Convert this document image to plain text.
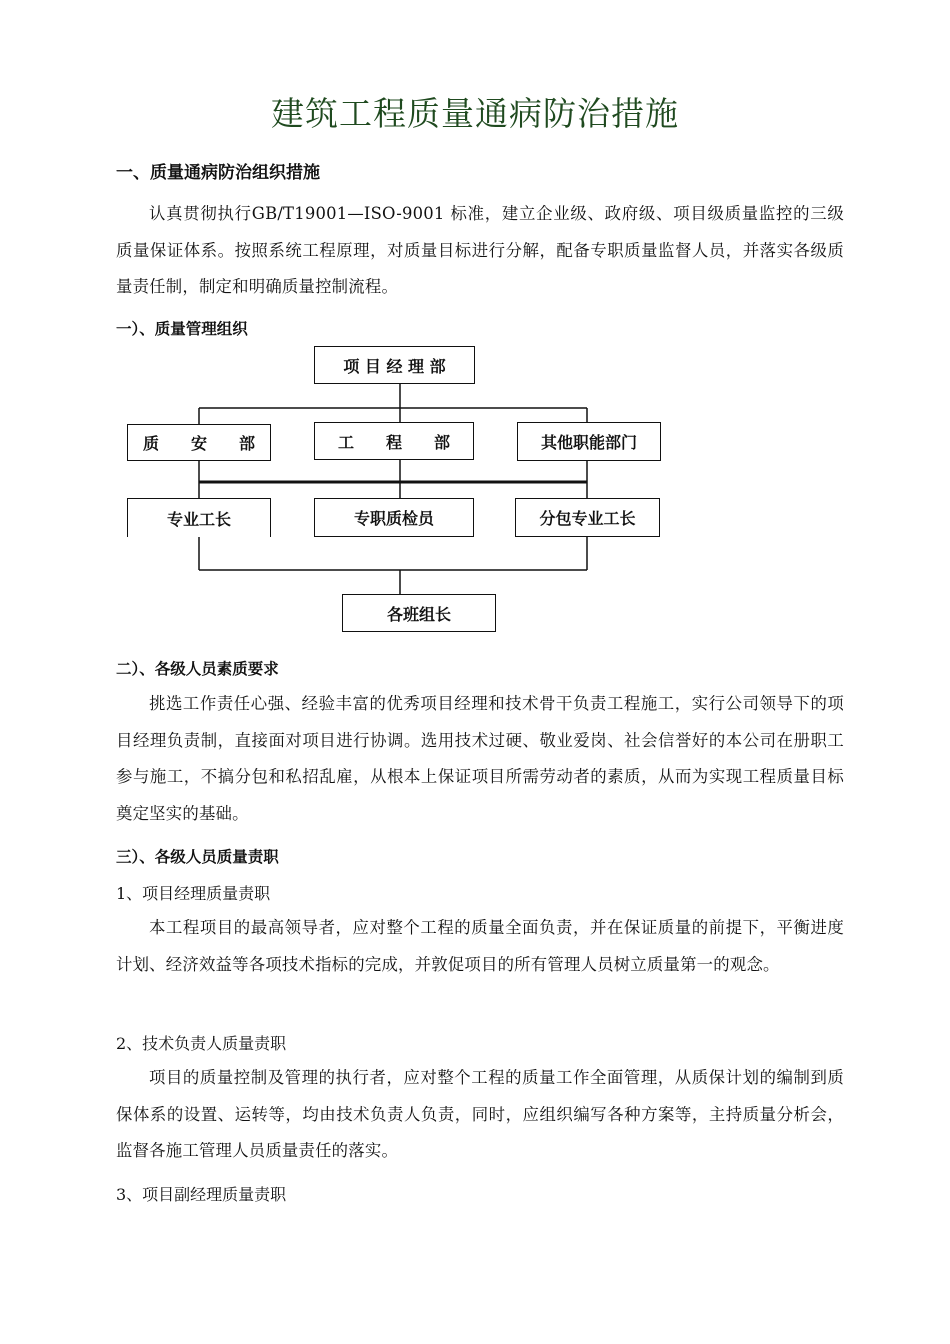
建筑工程质量通病防治措施
一、质量通病防治组织措施
认真贯彻执行GB/T19001—ISO-9001 标准，建立企业级、政府级、项目级质量监控的三级质量保证体系。按照系统工程原理，对质量目标进行分解，配备专职质量监督人员，并落实各级质量责任制，制定和明确质量控制流程。
一）、质量管理组织
项 目 经 理 部
质　　安　　部	工　　程　　部	其他职能部门
专业工长	专职质检员	分包专业工长
各班组长
二）、各级人员素质要求
挑选工作责任心强、经验丰富的优秀项目经理和技术骨干负责工程施工，实行公司领导下的项目经理负责制，直接面对项目进行协调。选用技术过硬、敬业爱岗、社会信誉好的本公司在册职工参与施工，不搞分包和私招乱雇，从根本上保证项目所需劳动者的素质，从而为实现工程质量目标奠定坚实的基础。
三）、各级人员质量责职
1、项目经理质量责职
本工程项目的最高领导者，应对整个工程的质量全面负责，并在保证质量的前提下，平衡进度计划、经济效益等各项技术指标的完成，并敦促项目的所有管理人员树立质量第一的观念。
2、技术负责人质量责职
项目的质量控制及管理的执行者，应对整个工程的质量工作全面管理，从质保计划的编制到质保体系的设置、运转等，均由技术负责人负责，同时，应组织编写各种方案等，主持质量分析会，监督各施工管理人员质量责任的落实。
3、项目副经理质量责职
